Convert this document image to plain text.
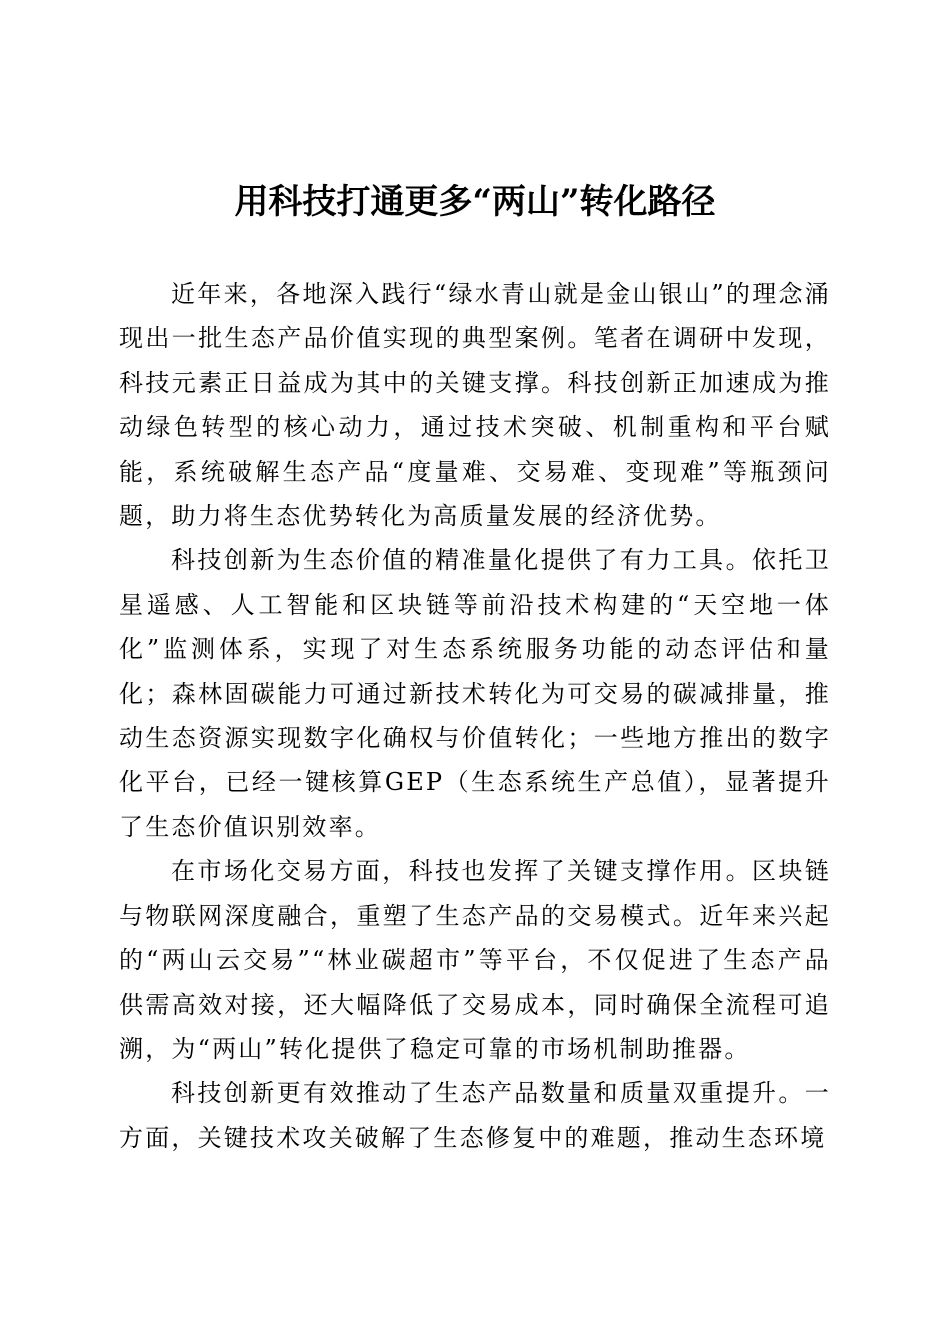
用科技打通更多“两山”转化路径

近年来，各地深入践行“绿水青山就是金山银山”的理念涌现出一批生态产品价值实现的典型案例。笔者在调研中发现，科技元素正日益成为其中的关键支撑。科技创新正加速成为推动绿色转型的核心动力，通过技术突破、机制重构和平台赋能，系统破解生态产品“度量难、交易难、变现难”等瓶颈问题，助力将生态优势转化为高质量发展的经济优势。

科技创新为生态价值的精准量化提供了有力工具。依托卫星遥感、人工智能和区块链等前沿技术构建的“天空地一体化”监测体系，实现了对生态系统服务功能的动态评估和量化；森林固碳能力可通过新技术转化为可交易的碳减排量，推动生态资源实现数字化确权与价值转化；一些地方推出的数字化平台，已经一键核算GEP（生态系统生产总值），显著提升了生态价值识别效率。

在市场化交易方面，科技也发挥了关键支撑作用。区块链与物联网深度融合，重塑了生态产品的交易模式。近年来兴起的“两山云交易”“林业碳超市”等平台，不仅促进了生态产品供需高效对接，还大幅降低了交易成本，同时确保全流程可追溯，为“两山”转化提供了稳定可靠的市场机制助推器。

科技创新更有效推动了生态产品数量和质量双重提升。一方面，关键技术攻关破解了生态修复中的难题，推动生态环境
